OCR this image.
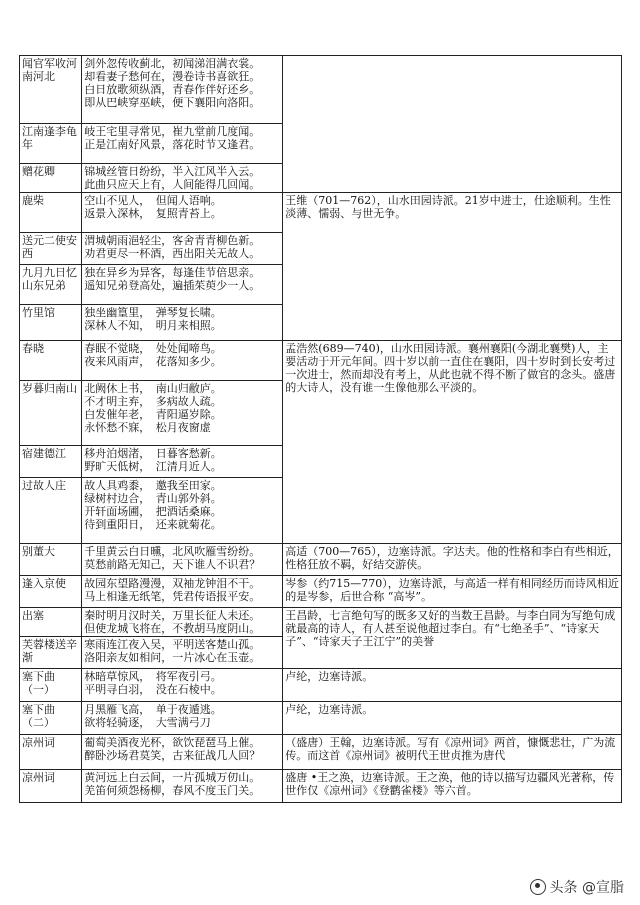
闻官军收河南河北	剑外忽传收蓟北，初闻涕泪满衣裳。
却看妻子愁何在，漫卷诗书喜欲狂。
白日放歌须纵酒，青春作伴好还乡。
即从巴峡穿巫峡，便下襄阳向洛阳。	

江南逢李龟年	岐王宅里寻常见，崔九堂前几度闻。
正是江南好风景，落花时节又逢君。	

赠花卿	锦城丝管日纷纷，半入江风半入云。
此曲只应天上有，人间能得几回闻。	

鹿柴	空山不见人，　但闻人语响。
返景入深林，　复照青苔上。	王维（701—762），山水田园诗派。21岁中进士，仕途顺利。生性淡薄、懦弱、与世无争。
送元二使安西	渭城朝雨浥轻尘，客舍青青柳色新。
劝君更尽一杯酒，西出阳关无故人。	

九月九日忆山东兄弟	独在异乡为异客，每逢佳节倍思亲。
遥知兄弟登高处，遍插茱萸少一人。	

竹里馆	独坐幽篁里，　弹琴复长啸。
深林人不知，　明月来相照。	

春晓	春眠不觉晓，　处处闻啼鸟。
夜来风雨声，　花落知多少。	孟浩然(689—740)，山水田园诗派。襄州襄阳(今湖北襄樊)人，主要活动于开元年间。四十岁以前一直住在襄阳，四十岁时到长安考过一次进士，然而却没有考上，从此也就不得不断了做官的念头。盛唐的大诗人，没有谁一生像他那么平淡的。
岁暮归南山	北阙休上书，　南山归敝庐。
不才明主弃，　多病故人疏。
白发催年老，　青阳逼岁除。
永怀愁不寐，　松月夜窗虚	

宿建德江	移舟泊烟渚，　日暮客愁新。
野旷天低树，　江清月近人。	

过故人庄	故人具鸡黍，　邀我至田家。
绿树村边合，　青山郭外斜。
开轩面场圃，　把酒话桑麻。
待到重阳日，　还来就菊花。	

别董大	千里黄云白日曛，北风吹雁雪纷纷。
莫愁前路无知己，天下谁人不识君？	高适（700—765），边塞诗派。字达夫。他的性格和李白有些相近，性格狂放不羁，好结交游侠。
逢入京使	故园东望路漫漫，双袖龙钟泪不干。
马上相逢无纸笔，凭君传语报平安。	岑参（约715—770），边塞诗派，与高适一样有相同经历而诗风相近的是岑参，后世合称 “高岑”。
出塞	秦时明月汉时关，万里长征人未还。
但使龙城飞将在，不教胡马度阴山。	王昌龄，七言绝句写的既多又好的当数王昌龄。与李白同为写绝句成就最高的诗人，有人甚至说他超过李白。有“七绝圣手”、“诗家天子”、“诗家天子王江宁”的美誉
芙蓉楼送辛渐	寒雨连江夜入吴，平明送客楚山孤。
洛阳亲友如相问，一片冰心在玉壶。	

塞下曲（一）	林暗草惊风，　将军夜引弓。
平明寻白羽，　没在石棱中。	卢纶，边塞诗派。
塞下曲（二）	月黑雁飞高，　单于夜遁逃。
欲将轻骑逐，　大雪满弓刀	卢纶，边塞诗派。
凉州词	葡萄美酒夜光杯，欲饮琵琶马上催。
醉卧沙场君莫笑，古来征战几人回？	（盛唐）王翰，边塞诗派。写有《凉州词》两首，慷慨悲壮，广为流传。而这首《凉州词》被明代王世贞推为唐代
凉州词	黄河远上白云间，一片孤城万仞山。
羌笛何须怨杨柳，春风不度玉门关。	盛唐 •王之涣，边塞诗派。王之涣，他的诗以描写边疆风光著称，传世作仅《凉州词》《登鹳雀楼》等六首。
头条 @宣脂
